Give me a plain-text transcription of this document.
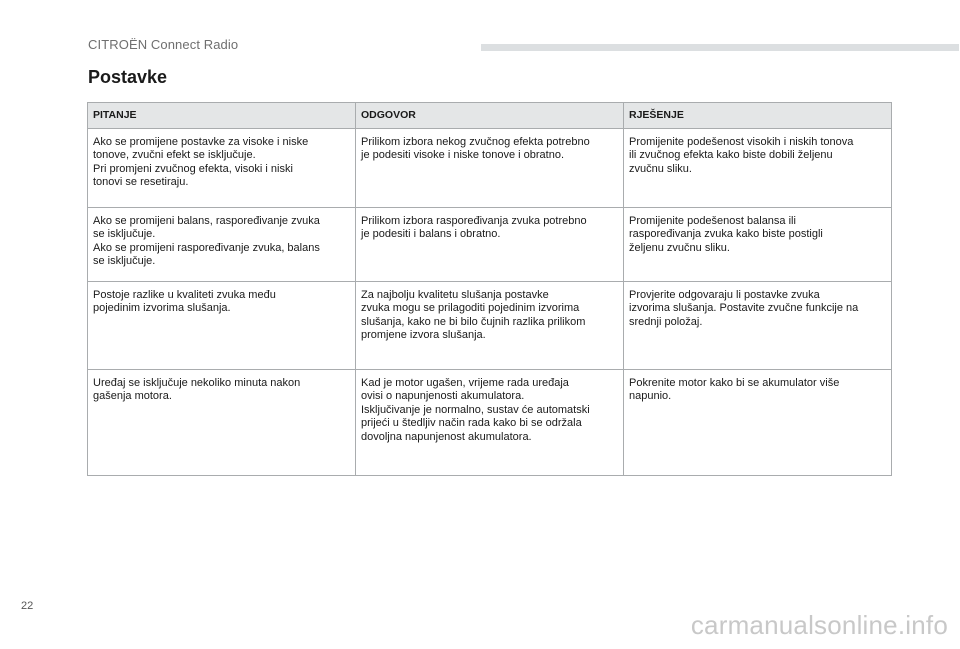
CITROËN Connect Radio
Postavke
PITANJE	ODGOVOR	RJEŠENJE

Ako se promijene postavke za visoke i niske
tonove, zvučni efekt se isključuje.
Pri promjeni zvučnog efekta, visoki i niski
tonovi se resetiraju.	Prilikom izbora nekog zvučnog efekta potrebno
je podesiti visoke i niske tonove i obratno.	Promijenite podešenost visokih i niskih tonova
ili zvučnog efekta kako biste dobili željenu
zvučnu sliku.

Ako se promijeni balans, raspoređivanje zvuka
se isključuje.
Ako se promijeni raspoređivanje zvuka, balans
se isključuje.	Prilikom izbora raspoređivanja zvuka potrebno
je podesiti i balans i obratno.	Promijenite podešenost balansa ili
raspoređivanja zvuka kako biste postigli
željenu zvučnu sliku.

Postoje razlike u kvaliteti zvuka među
pojedinim izvorima slušanja.	Za najbolju kvalitetu slušanja postavke
zvuka mogu se prilagoditi pojedinim izvorima
slušanja, kako ne bi bilo čujnih razlika prilikom
promjene izvora slušanja.	Provjerite odgovaraju li postavke zvuka
izvorima slušanja. Postavite zvučne funkcije na
srednji položaj.

Uređaj se isključuje nekoliko minuta nakon
gašenja motora.	Kad je motor ugašen, vrijeme rada uređaja
ovisi o napunjenosti akumulatora.
Isključivanje je normalno, sustav će automatski
prijeći u štedljiv način rada kako bi se održala
dovoljna napunjenost akumulatora.	Pokrenite motor kako bi se akumulator više
napunio.
22
carmanualsonline.info
